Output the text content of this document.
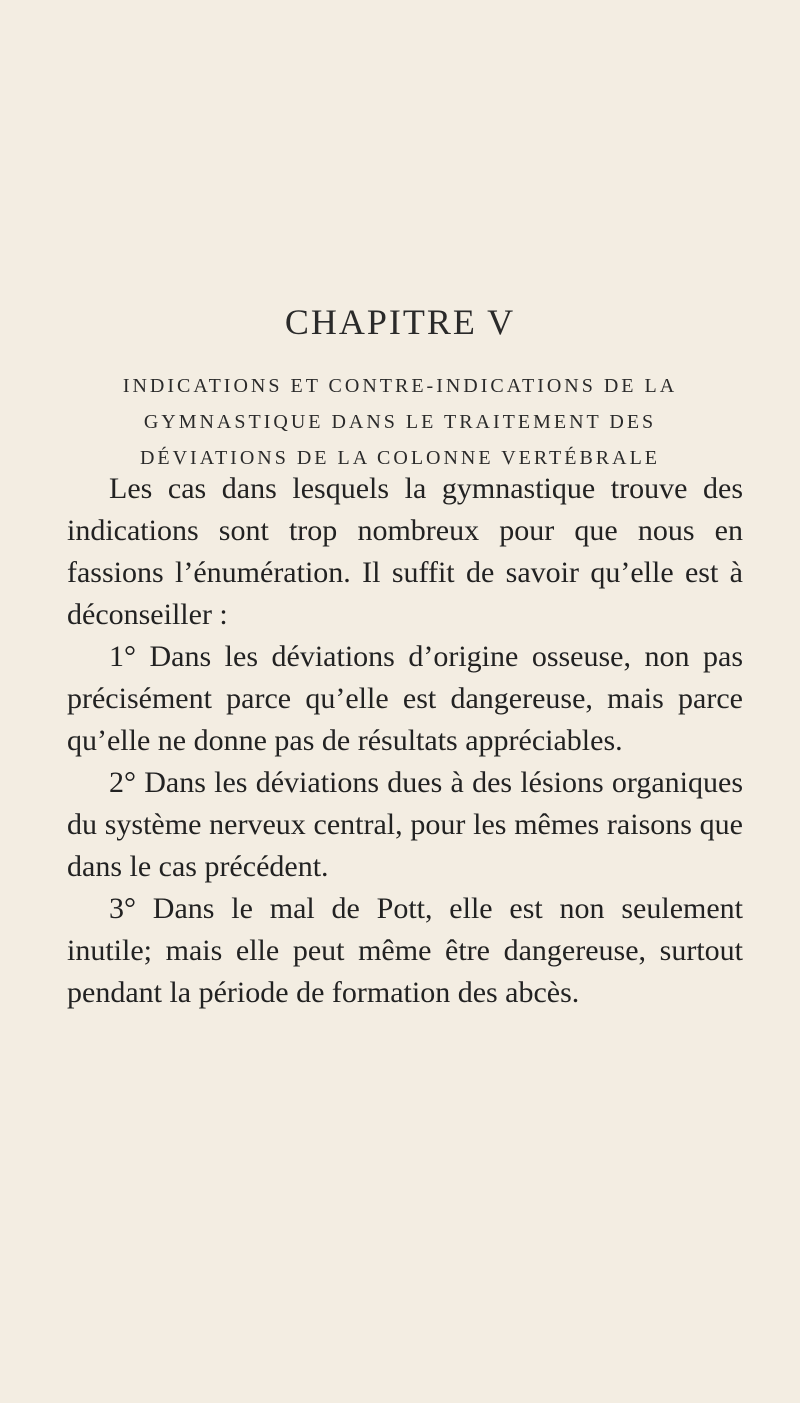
CHAPITRE V
INDICATIONS ET CONTRE-INDICATIONS DE LA
GYMNASTIQUE DANS LE TRAITEMENT DES
DÉVIATIONS DE LA COLONNE VERTÉBRALE

Les cas dans lesquels la gymnastique trouve des indications sont trop nombreux pour que nous en fassions l’énumération. Il suffit de savoir qu’elle est à déconseiller :

1° Dans les déviations d’origine osseuse, non pas précisément parce qu’elle est dangereuse, mais parce qu’elle ne donne pas de résultats appréciables.

2° Dans les déviations dues à des lésions organiques du système nerveux central, pour les mêmes raisons que dans le cas précédent.

3° Dans le mal de Pott, elle est non seulement inutile; mais elle peut même être dangereuse, surtout pendant la période de formation des abcès.
